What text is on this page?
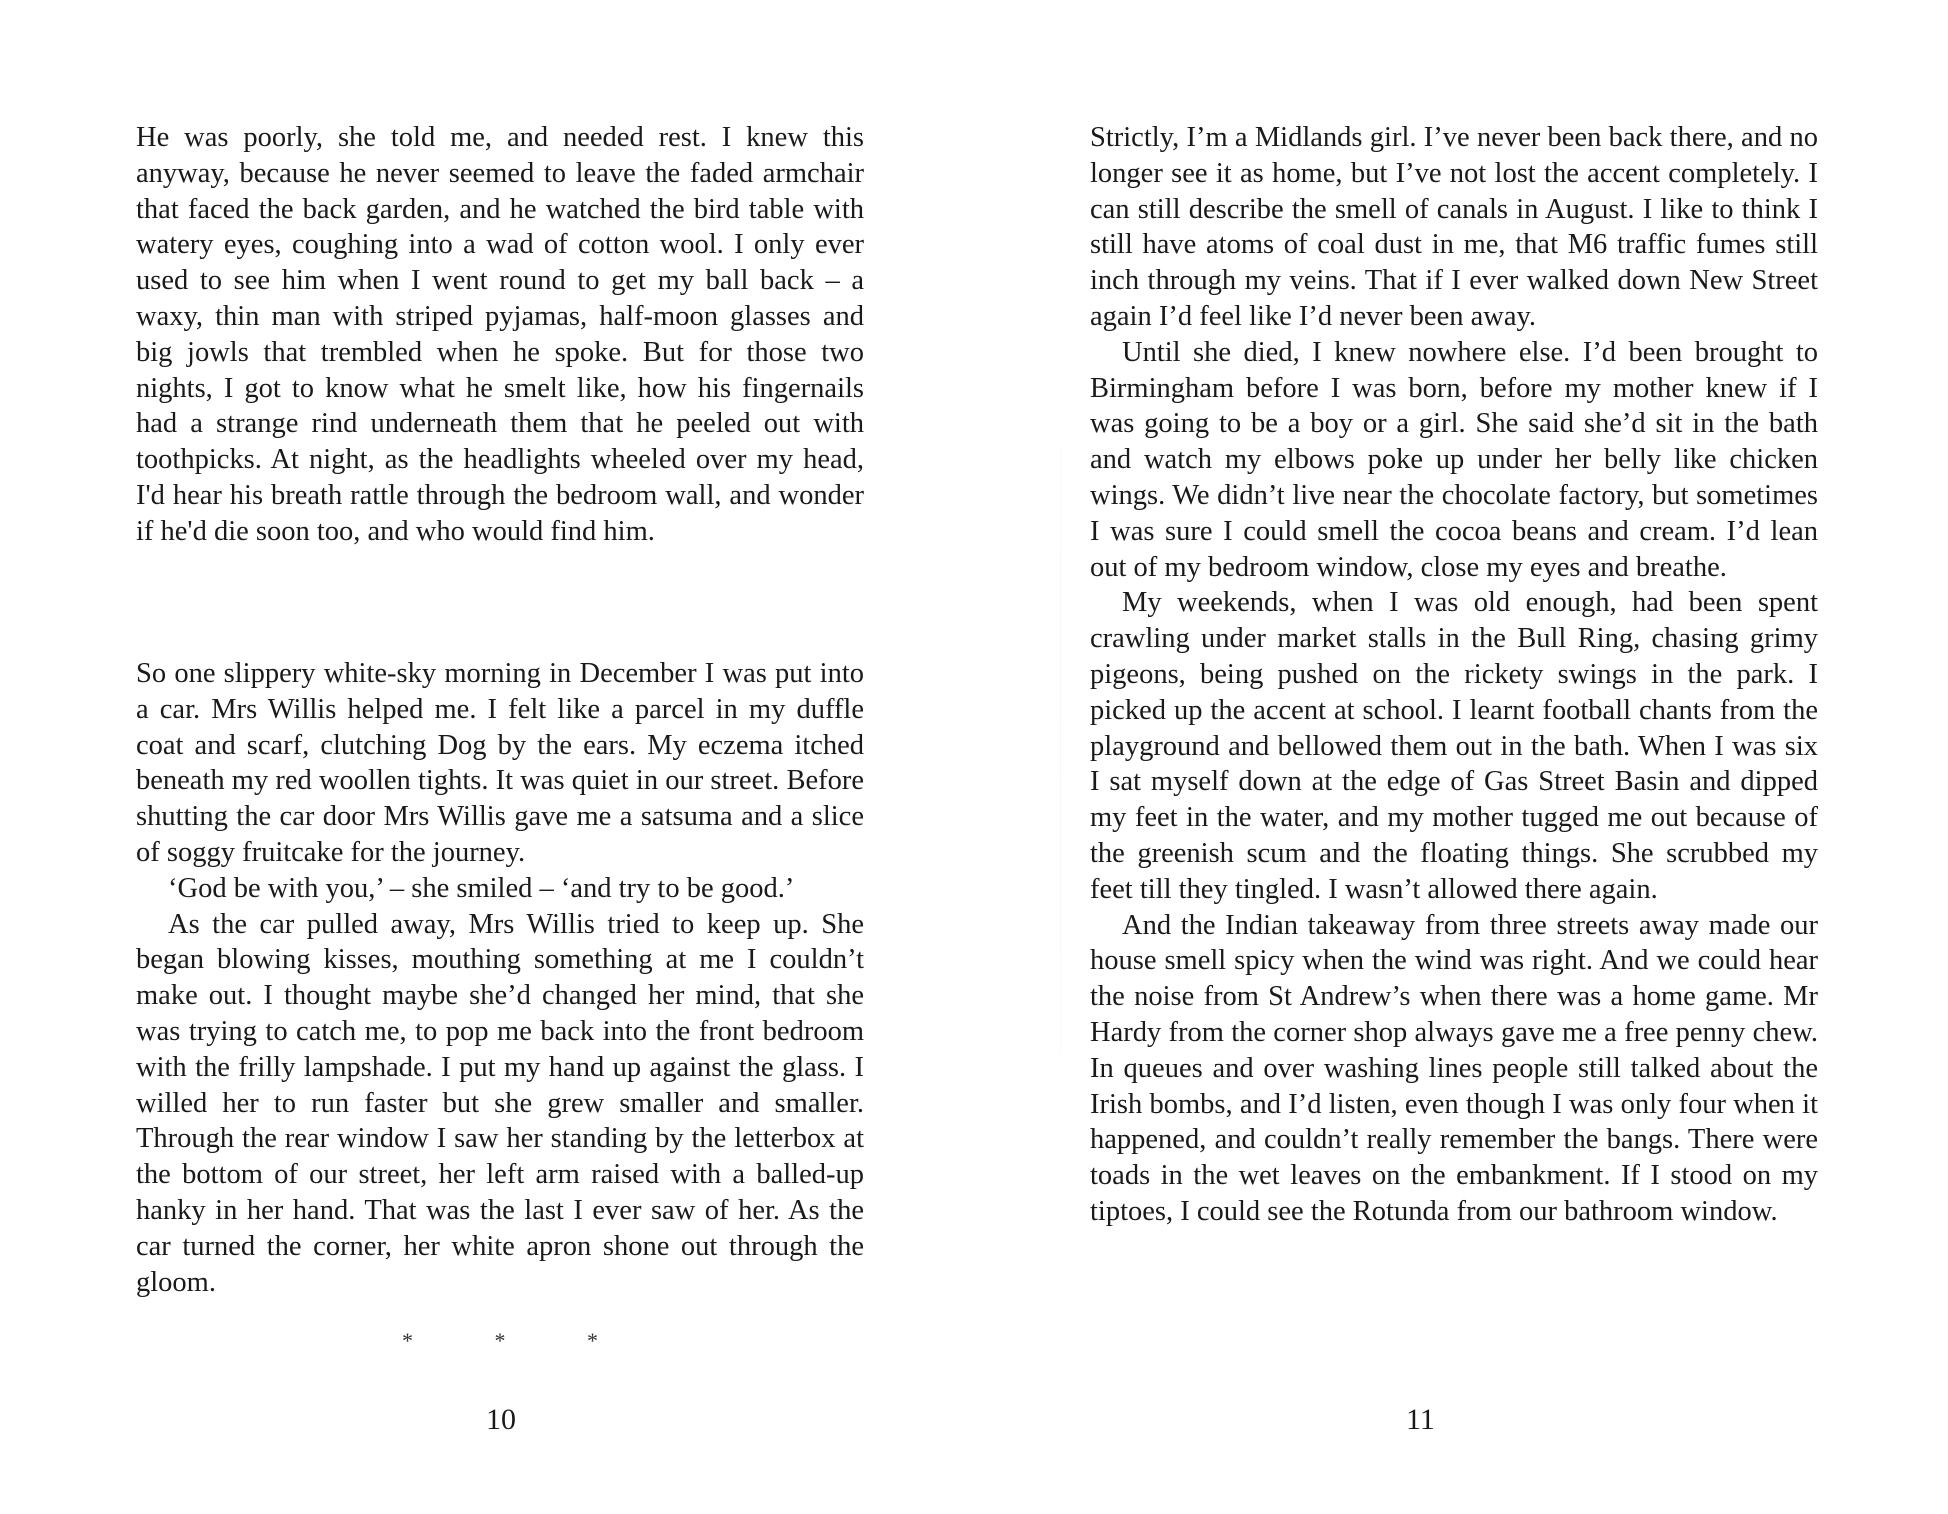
He was poorly, she told me, and needed rest. I knew this anyway, because he never seemed to leave the faded armchair that faced the back garden, and he watched the bird table with watery eyes, coughing into a wad of cotton wool. I only ever used to see him when I went round to get my ball back – a waxy, thin man with striped pyjamas, half-moon glasses and big jowls that trembled when he spoke. But for those two nights, I got to know what he smelt like, how his fingernails had a strange rind underneath them that he peeled out with toothpicks. At night, as the headlights wheeled over my head, I'd hear his breath rattle through the bedroom wall, and wonder if he'd die soon too, and who would find him.

So one slippery white-sky morning in December I was put into a car. Mrs Willis helped me. I felt like a parcel in my duffle coat and scarf, clutching Dog by the ears. My eczema itched beneath my red woollen tights. It was quiet in our street. Before shutting the car door Mrs Willis gave me a satsuma and a slice of soggy fruitcake for the journey.

‘God be with you,’ – she smiled – ‘and try to be good.’

As the car pulled away, Mrs Willis tried to keep up. She began blowing kisses, mouthing something at me I couldn’t make out. I thought maybe she’d changed her mind, that she was trying to catch me, to pop me back into the front bedroom with the frilly lampshade. I put my hand up against the glass. I willed her to run faster but she grew smaller and smaller. Through the rear window I saw her standing by the letterbox at the bottom of our street, her left arm raised with a balled-up hanky in her hand. That was the last I ever saw of her. As the car turned the corner, her white apron shone out through the gloom.

*	*	*
10

Strictly, I’m a Midlands girl. I’ve never been back there, and no longer see it as home, but I’ve not lost the accent completely. I can still describe the smell of canals in August. I like to think I still have atoms of coal dust in me, that M6 traffic fumes still inch through my veins. That if I ever walked down New Street again I’d feel like I’d never been away.

Until she died, I knew nowhere else. I’d been brought to Birmingham before I was born, before my mother knew if I was going to be a boy or a girl. She said she’d sit in the bath and watch my elbows poke up under her belly like chicken wings. We didn’t live near the chocolate factory, but sometimes I was sure I could smell the cocoa beans and cream. I’d lean out of my bedroom window, close my eyes and breathe.

My weekends, when I was old enough, had been spent crawling under market stalls in the Bull Ring, chasing grimy pigeons, being pushed on the rickety swings in the park. I picked up the accent at school. I learnt football chants from the playground and bellowed them out in the bath. When I was six I sat myself down at the edge of Gas Street Basin and dipped my feet in the water, and my mother tugged me out because of the greenish scum and the floating things. She scrubbed my feet till they tingled. I wasn’t allowed there again.

And the Indian takeaway from three streets away made our house smell spicy when the wind was right. And we could hear the noise from St Andrew’s when there was a home game. Mr Hardy from the corner shop always gave me a free penny chew. In queues and over washing lines people still talked about the Irish bombs, and I’d listen, even though I was only four when it happened, and couldn’t really remember the bangs. There were toads in the wet leaves on the embankment. If I stood on my tiptoes, I could see the Rotunda from our bathroom window.

11
